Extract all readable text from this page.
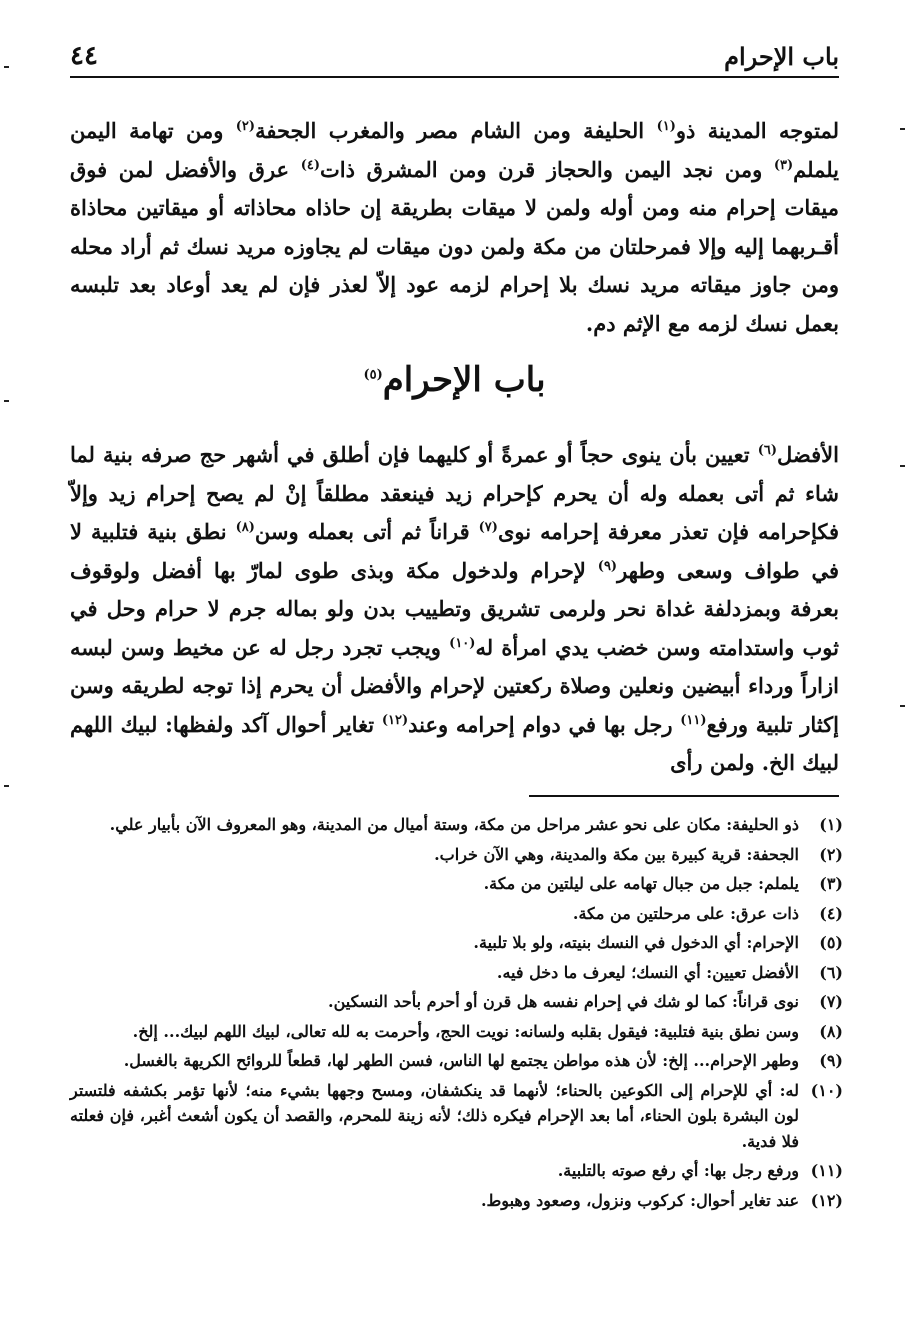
باب الإحرام
٤٤
لمتوجه المدينة ذو$^{(١)}$ الحليفة ومن الشام مصر والمغرب الجحفة$^{(٢)}$ ومن تهامة اليمن يلملم$^{(٣)}$ ومن نجد اليمن والحجاز قرن ومن المشرق ذات$^{(٤)}$ عرق والأفضل لمن فوق ميقات إحرام منه ومن أوله ولمن لا ميقات بطريقة إن حاذاه محاذاته أو ميقاتين محاذاة أقـربهما إليه وإلا فمرحلتان من مكة ولمن دون ميقات لم يجاوزه مريد نسك ثم أراد محله ومن جاوز ميقاته مريد نسك بلا إحرام لزمه عود إلاّ لعذر فإن لم يعد أوعاد بعد تلبسه بعمل نسك لزمه مع الإثم دم.
باب الإحرام$^{(٥)}$
الأفضل$^{(٦)}$ تعيين بأن ينوى حجاً أو عمرةً أو كليهما فإن أطلق في أشهر حج صرفه بنية لما شاء ثم أتى بعمله وله أن يحرم كإحرام زيد فينعقد مطلقاً إنْ لم يصح إحرام زيد وإلاّ فكإحرامه فإن تعذر معرفة إحرامه نوى$^{(٧)}$ قراناً ثم أتى بعمله وسن$^{(٨)}$ نطق بنية فتلبية لا في طواف وسعى وطهر$^{(٩)}$ لإحرام ولدخول مكة وبذى طوى لمارّ بها أفضل ولوقوف بعرفة وبمزدلفة غداة نحر ولرمى تشريق وتطييب بدن ولو بماله جرم لا حرام وحل في ثوب واستدامته وسن خضب يدي امرأة له$^{(١٠)}$ ويجب تجرد رجل له عن مخيط وسن لبسه ازاراً ورداء أبيضين ونعلين وصلاة ركعتين لإحرام والأفضل أن يحرم إذا توجه لطريقه وسن إكثار تلبية ورفع$^{(١١)}$ رجل بها في دوام إحرامه وعند$^{(١٢)}$ تغاير أحوال آكد ولفظها: لبيك اللهم لبيك الخ. ولمن رأى
(١)
ذو الحليفة: مكان على نحو عشر مراحل من مكة، وستة أميال من المدينة، وهو المعروف الآن بأبيار علي.
(٢)
الجحفة: قرية كبيرة بين مكة والمدينة، وهي الآن خراب.
(٣)
يلملم: جبل من جبال تهامه على ليلتين من مكة.
(٤)
ذات عرق: على مرحلتين من مكة.
(٥)
الإحرام: أي الدخول في النسك بنيته، ولو بلا تلبية.
(٦)
الأفضل تعيين: أي النسك؛ ليعرف ما دخل فيه.
(٧)
نوى قراناً: كما لو شك في إحرام نفسه هل قرن أو أحرم بأحد النسكين.
(٨)
وسن نطق بنية فتلبية: فيقول بقلبه ولسانه: نويت الحج، وأحرمت به لله تعالى، لبيك اللهم لبيك... إلخ.
(٩)
وطهر الإحرام... إلخ: لأن هذه مواطن يجتمع لها الناس، فسن الطهر لها، قطعاً للروائح الكريهة بالغسل.
(١٠)
له: أي للإحرام إلى الكوعين بالحناء؛ لأنهما قد ينكشفان، ومسح وجهها بشيء منه؛ لأنها تؤمر بكشفه فلتستر لون البشرة بلون الحناء، أما بعد الإحرام فيكره ذلك؛ لأنه زينة للمحرم، والقصد أن يكون أشعث أغبر، فإن فعلته فلا فدية.
(١١)
ورفع رجل بها: أي رفع صوته بالتلبية.
(١٢)
عند تغاير أحوال: كركوب ونزول، وصعود وهبوط.
